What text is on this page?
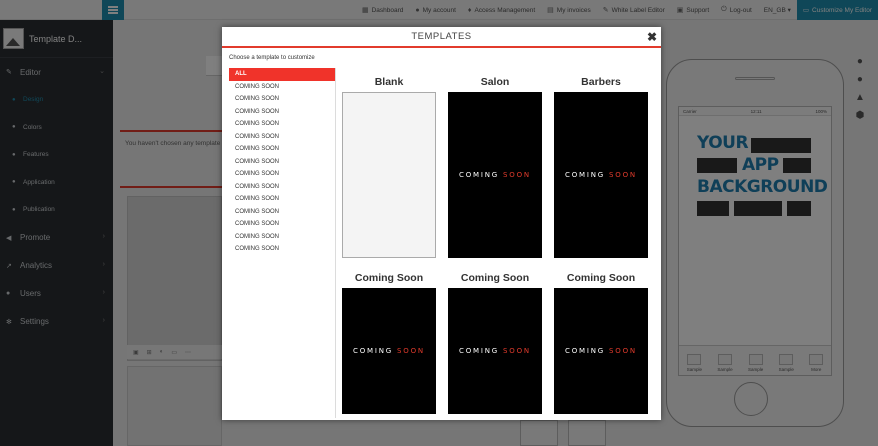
TEMPLATES	✖
Choose a template to customize
ALL
COMING SOON
COMING SOON
COMING SOON
COMING SOON
COMING SOON
COMING SOON
COMING SOON
COMING SOON
COMING SOON
COMING SOON
COMING SOON
COMING SOON
COMING SOON
COMING SOON
Blank	Salon
COMING SOON
Barbers
COMING SOON
Coming Soon
COMING SOON
Coming Soon
COMING SOON
Coming Soon
COMING SOON
